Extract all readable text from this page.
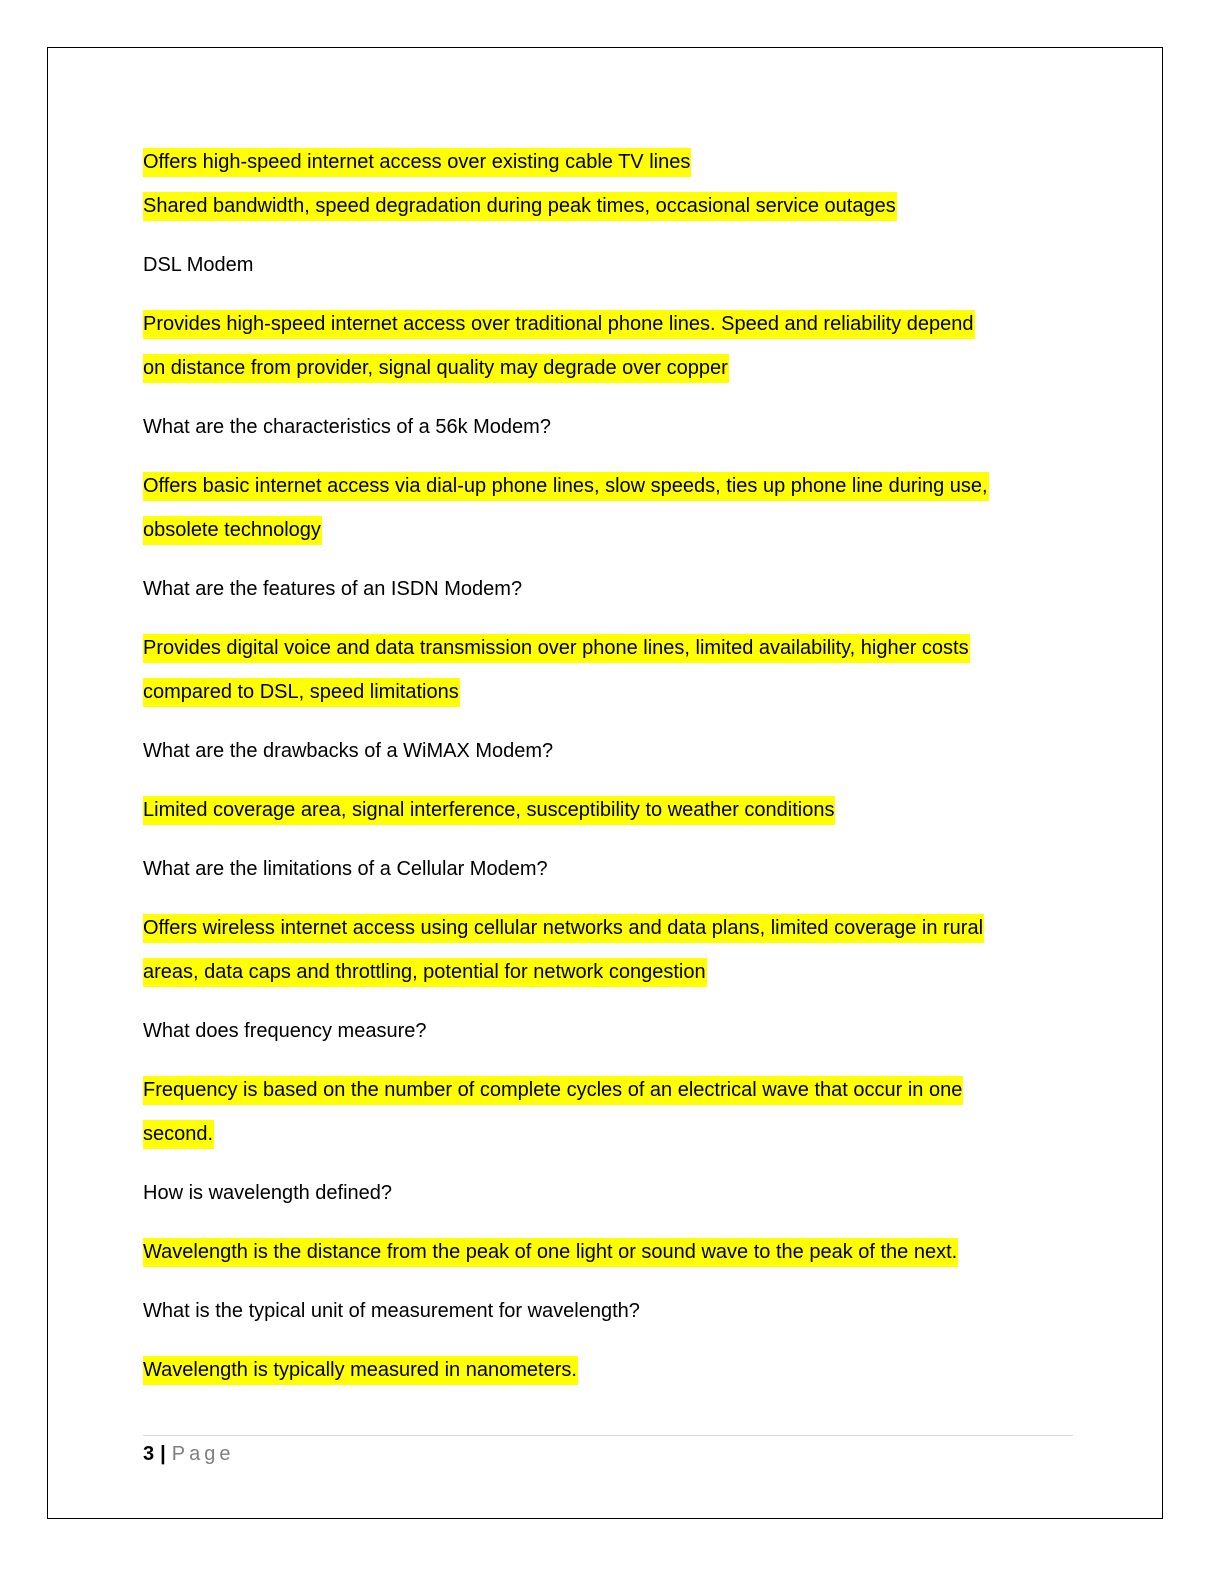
Offers high-speed internet access over existing cable TV lines

Shared bandwidth, speed degradation during peak times, occasional service outages

DSL Modem

Provides high-speed internet access over traditional phone lines. Speed and reliability depend

on distance from provider, signal quality may degrade over copper

What are the characteristics of a 56k Modem?

Offers basic internet access via dial-up phone lines, slow speeds, ties up phone line during use,

obsolete technology

What are the features of an ISDN Modem?

Provides digital voice and data transmission over phone lines, limited availability, higher costs

compared to DSL, speed limitations

What are the drawbacks of a WiMAX Modem?

Limited coverage area, signal interference, susceptibility to weather conditions

What are the limitations of a Cellular Modem?

Offers wireless internet access using cellular networks and data plans, limited coverage in rural

areas, data caps and throttling, potential for network congestion

What does frequency measure?

Frequency is based on the number of complete cycles of an electrical wave that occur in one

second.

How is wavelength defined?

Wavelength is the distance from the peak of one light or sound wave to the peak of the next.

What is the typical unit of measurement for wavelength?

Wavelength is typically measured in nanometers.

3 | Page
